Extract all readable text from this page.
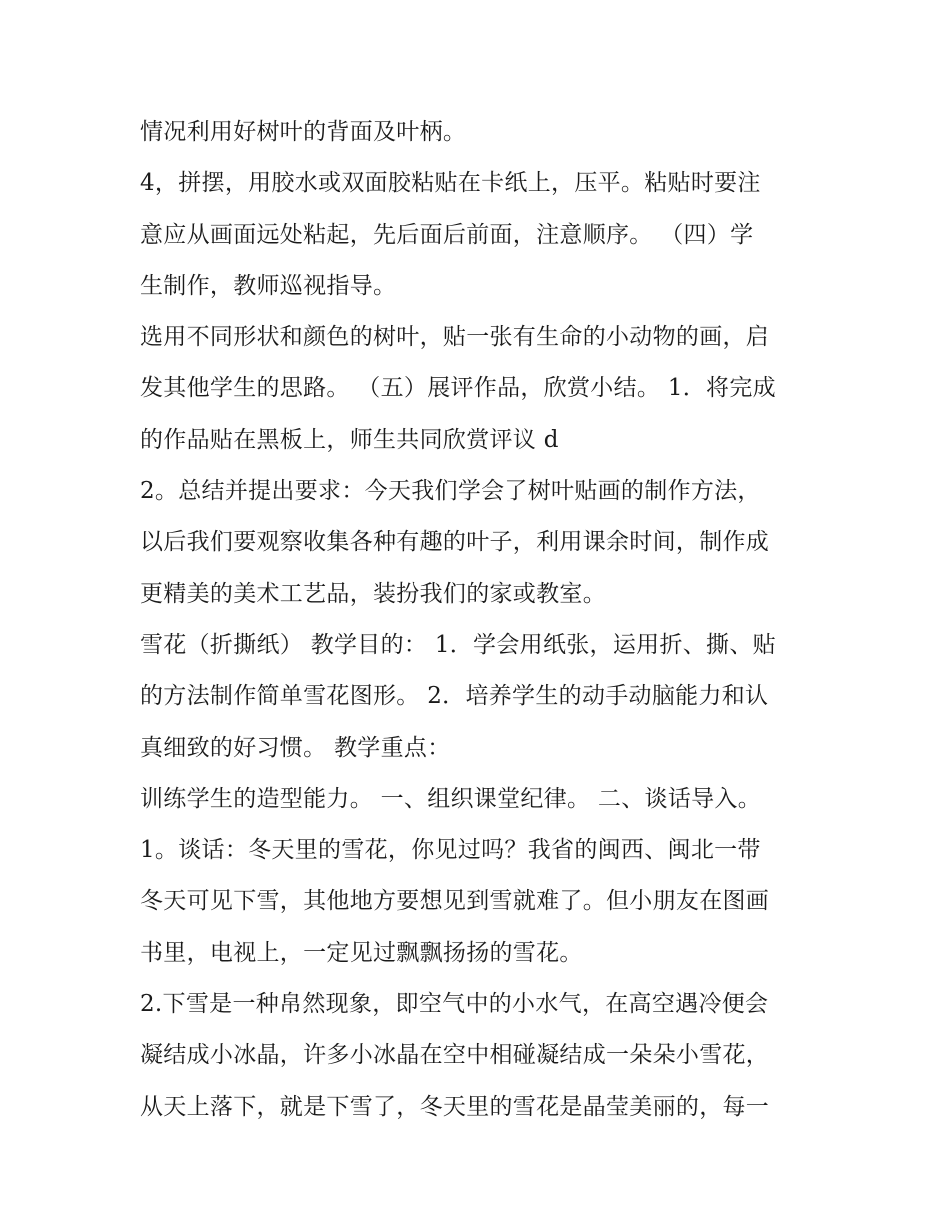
情况利用好树叶的背面及叶柄。
4，拼摆，用胶水或双面胶粘贴在卡纸上，压平。粘贴时要注
意应从画面远处粘起，先后面后前面，注意顺序。 （四）学
生制作，教师巡视指导。
选用不同形状和颜色的树叶，贴一张有生命的小动物的画，启
发其他学生的思路。 （五）展评作品，欣赏小结。 1．将完成
的作品贴在黑板上，师生共同欣赏评议 d
2。总结并提出要求：今天我们学会了树叶贴画的制作方法，
以后我们要观察收集各种有趣的叶子，利用课余时间，制作成
更精美的美术工艺品，装扮我们的家或教室。
雪花（折撕纸） 教学目的： 1．学会用纸张，运用折、撕、贴
的方法制作简单雪花图形。 2．培养学生的动手动脑能力和认
真细致的好习惯。 教学重点：
训练学生的造型能力。 一、组织课堂纪律。 二、谈话导入。
1。谈话：冬天里的雪花，你见过吗？我省的闽西、闽北一带
冬天可见下雪，其他地方要想见到雪就难了。但小朋友在图画
书里，电视上，一定见过飘飘扬扬的雪花。
2.下雪是一种帛然现象，即空气中的小水气，在高空遇冷便会
凝结成小冰晶，许多小冰晶在空中相碰凝结成一朵朵小雪花，
从天上落下，就是下雪了，冬天里的雪花是晶莹美丽的，每一
